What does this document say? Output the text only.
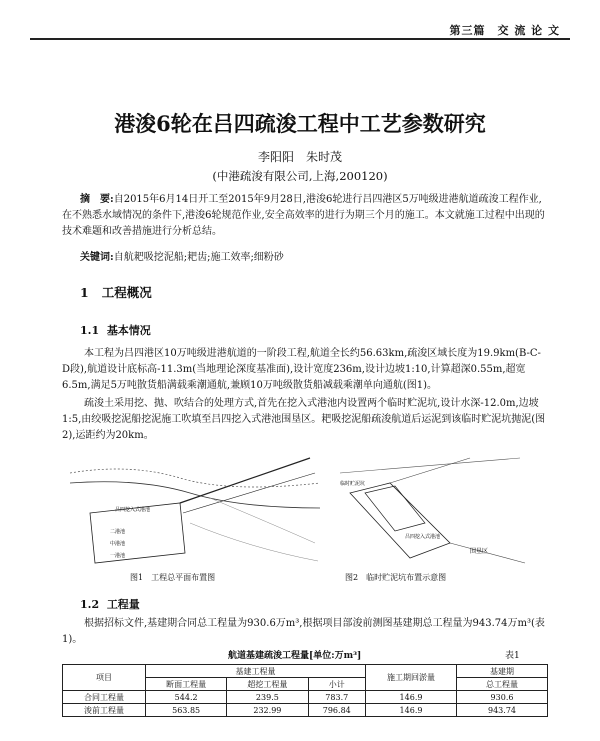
第三篇　交 流 论 文
港浚6轮在吕四疏浚工程中工艺参数研究
李阳阳　朱时茂
(中港疏浚有限公司,上海,200120)
摘　要:自2015年6月14日开工至2015年9月28日,港浚6轮进行吕四港区5万吨级进港航道疏浚工程作业,在不熟悉水域情况的条件下,港浚6轮规范作业,安全高效率的进行为期三个月的施工。本文就施工过程中出现的技术难题和改善措施进行分析总结。
关键词:自航耙吸挖泥船;耙齿;施工效率;细粉砂
1 工程概况
1.1 基本情况
本工程为吕四港区10万吨级进港航道的一阶段工程,航道全长约56.63km,疏浚区域长度为19.9km(B-C-D段),航道设计底标高-11.3m(当地理论深度基准面),设计宽度236m,设计边坡1:10,计算超深0.55m,超宽6.5m,满足5万吨散货船满载乘潮通航,兼顾10万吨级散货船减载乘潮单向通航(图1)。
疏浚土采用挖、抛、吹结合的处理方式,首先在挖入式港池内设置两个临时贮泥坑,设计水深-12.0m,边坡1:5,由绞吸挖泥船挖泥施工吹填至吕四挖入式港池围垦区。耙吸挖泥船疏浚航道后运泥到该临时贮泥坑抛泥(图2),运距约为20km。
吕四挖入式港池
二港池
中港池
一港池
图1　工程总平面布置图
临时贮泥坑
吕四挖入式港池
围垦区
图2　临时贮泥坑布置示意图
1.2 工程量
根据招标文件,基建期合同总工程量为930.6万m³,根据项目部浚前测图基建期总工程量为943.74万m³(表1)。
航道基建疏浚工程量[单位:万m³]	表1
项目	基建工程量			施工期回淤量	基建期
	断面工程量	超挖工程量	小计		总工程量
合同工程量	544.2	239.5	783.7	146.9	930.6
浚前工程量	563.85	232.99	796.84	146.9	943.74
